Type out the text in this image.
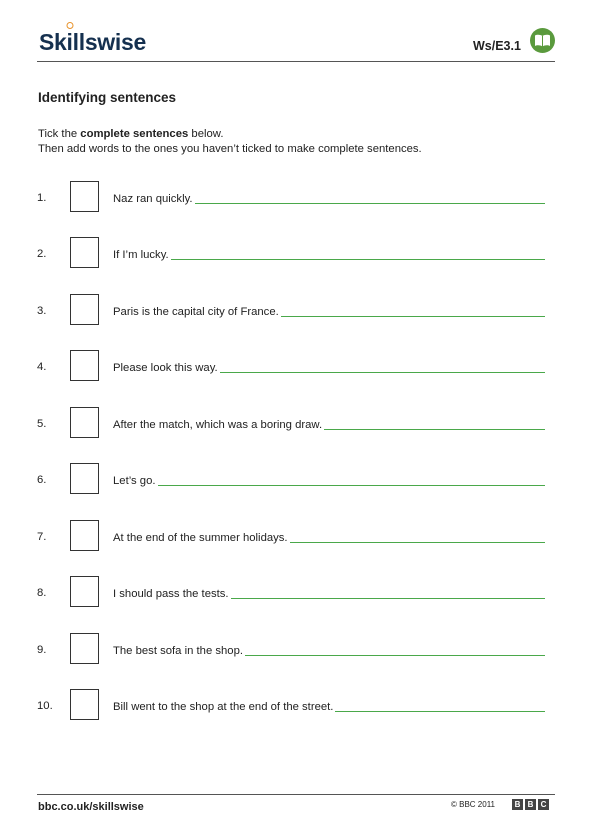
Ski
llswise	Ws/E3.1
Identifying sentences
Tick the complete sentences below.
Then add words to the ones you haven’t ticked to make complete sentences.
1.	Naz ran quickly.
2.	If I’m lucky.
3.	Paris is the capital city of France.
4.	Please look this way.
5.	After the match, which was a boring draw.
6.	Let’s go.
7.	At the end of the summer holidays.
8.	I should pass the tests.
9.	The best sofa in the shop.
10.	Bill went to the shop at the end of the street.
bbc.co.uk/skillswise	© BBC 2011	B B C
